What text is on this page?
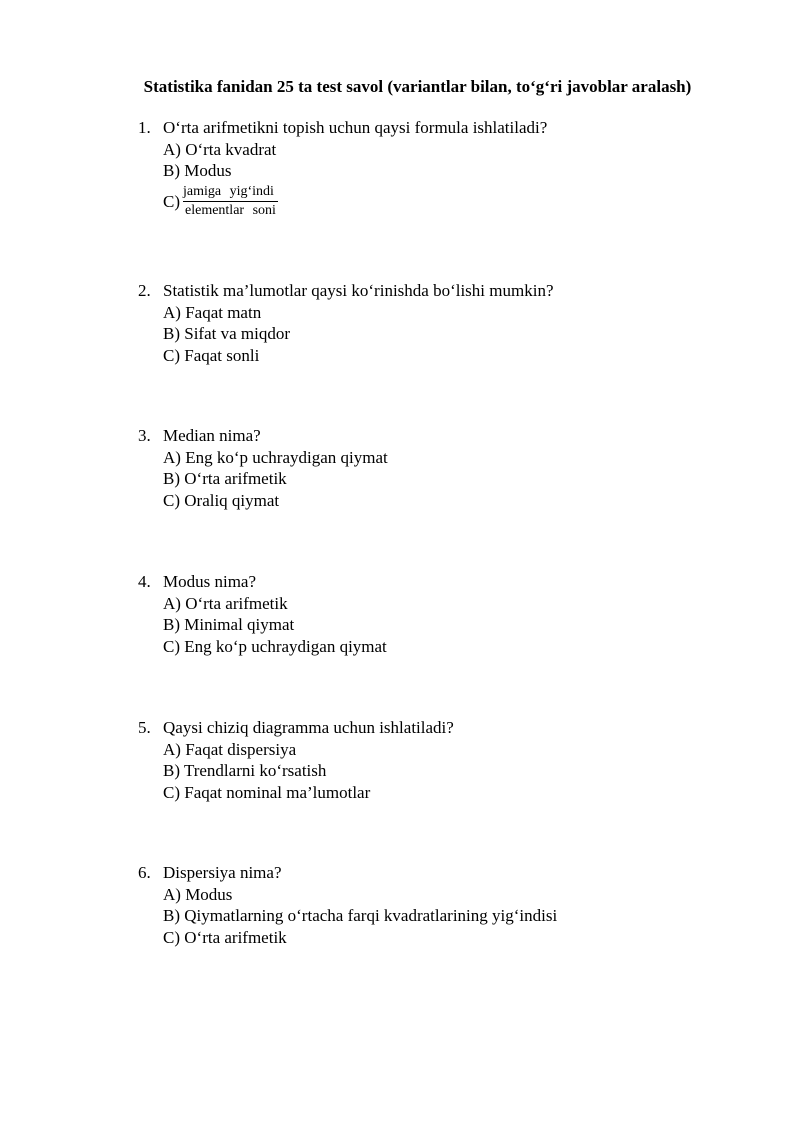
Statistika fanidan 25 ta test savol (variantlar bilan, to‘g‘ri javoblar aralash)
1. O‘rta arifmetikni topish uchun qaysi formula ishlatiladi?
A) O‘rta kvadrat
B) Modus
$C) \frac{\text{jamiga yig‘indi}}{\text{elementlar soni}}$
2. Statistik ma’lumotlar qaysi ko‘rinishda bo‘lishi mumkin?
A) Faqat matn
B) Sifat va miqdor
C) Faqat sonli
3. Median nima?
A) Eng ko‘p uchraydigan qiymat
B) O‘rta arifmetik
C) Oraliq qiymat
4. Modus nima?
A) O‘rta arifmetik
B) Minimal qiymat
C) Eng ko‘p uchraydigan qiymat
5. Qaysi chiziq diagramma uchun ishlatiladi?
A) Faqat dispersiya
B) Trendlarni ko‘rsatish
C) Faqat nominal ma’lumotlar
6. Dispersiya nima?
A) Modus
B) Qiymatlarning o‘rtacha farqi kvadratlarining yig‘indisi
C) O‘rta arifmetik
